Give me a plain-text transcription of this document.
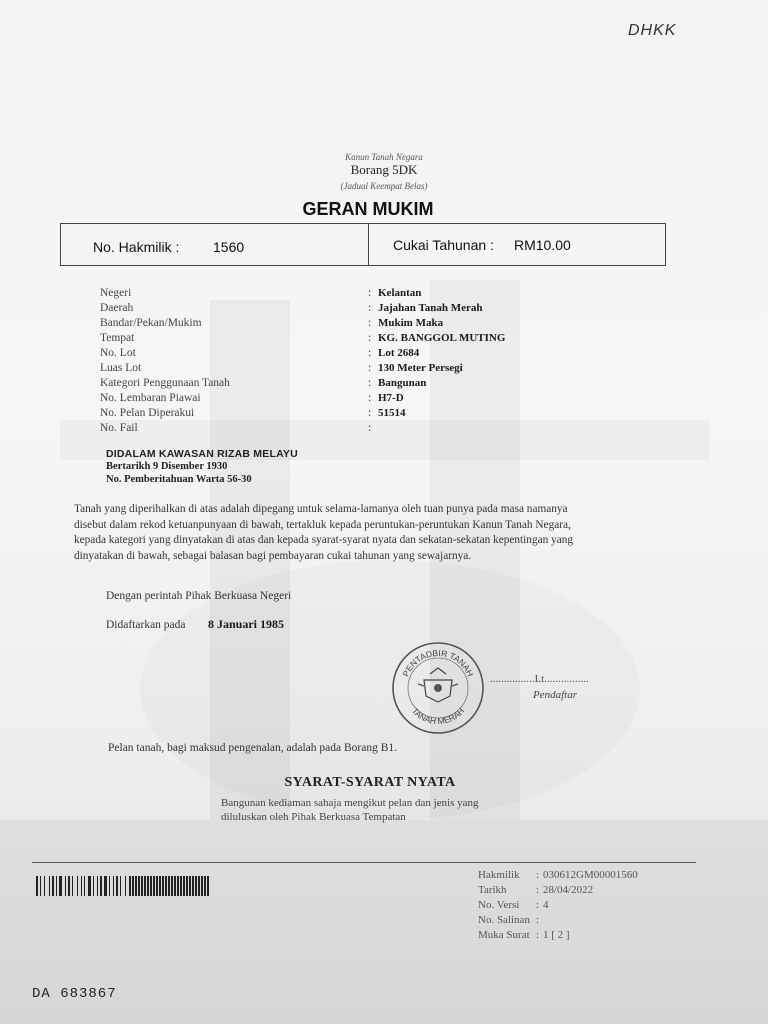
DHKK
Kanun Tanah Negara
Borang 5DK
(Jadual Keempat Belas)
GERAN MUKIM
No. Hakmilik : 1560	Cukai Tahunan : RM10.00
Negeri	: Kelantan
Daerah	: Jajahan Tanah Merah
Bandar/Pekan/Mukim	: Mukim Maka
Tempat	: KG. BANGGOL MUTING
No. Lot	: Lot 2684
Luas Lot	: 130 Meter Persegi
Kategori Penggunaan Tanah	: Bangunan
No. Lembaran Piawai	: H7-D
No. Pelan Diperakui	: 51514
No. Fail	:
DIDALAM KAWASAN RIZAB MELAYU
Bertarikh 9 Disember 1930
No. Pemberitahuan Warta 56-30
Tanah yang diperihalkan di atas adalah dipegang untuk selama-lamanya oleh tuan punya pada masa namanya
disebut dalam rekod ketuanpunyaan di bawah, tertakluk kepada peruntukan-peruntukan Kanun Tanah Negara,
kepada kategori yang dinyatakan di atas dan kepada syarat-syarat nyata dan sekatan-sekatan kepentingan yang
dinyatakan di bawah, sebagai balasan bagi pembayaran cukai tahunan yang sewajarnya.
Dengan perintah Pihak Berkuasa Negeri
Didaftarkan pada 8 Januari 1985
PENTADBIR TANAH
TANAH MERAH
................Lt................
Pendaftar
Pelan tanah, bagi maksud pengenalan, adalah pada Borang B1.
SYARAT-SYARAT NYATA
Bangunan kediaman sahaja mengikut pelan dan jenis yang
diluluskan oleh Pihak Berkuasa Tempatan
Hakmilik : 030612GM00001560
Tarikh	: 28/04/2022
No. Versi : 4
No. Salinan :
Muka Surat : 1 [ 2 ]
DA 683867
